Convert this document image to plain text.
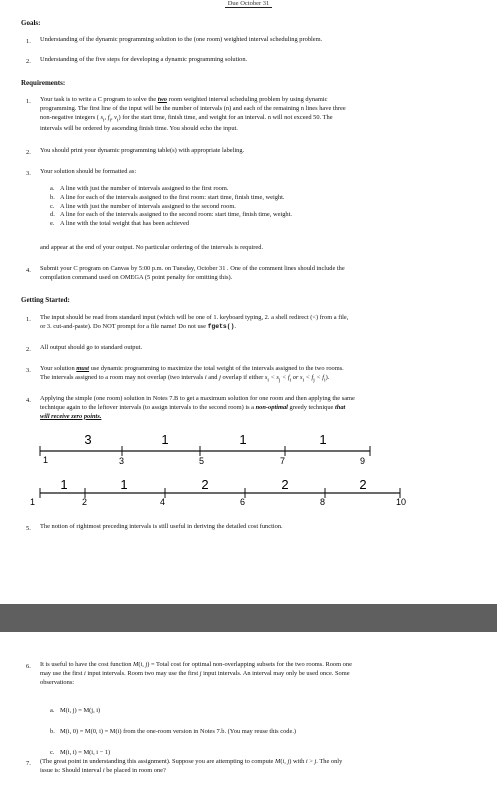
Due October 31
Goals:
1. Understanding of the dynamic programming solution to the (one room) weighted interval scheduling problem.
2. Understanding of the five steps for developing a dynamic programming solution.
Requirements:
1. Your task is to write a C program to solve the two room weighted interval scheduling problem by using dynamic
programming. The first line of the input will be the number of intervals (n) and each of the remaining n lines have three
non-negative integers ( $s_i$, $f_i$, $v_i$) for the start time, finish time, and weight for an interval. n will not exceed 50. The
intervals will be ordered by ascending finish time. You should echo the input.
2. You should print your dynamic programming table(s) with appropriate labeling.
3. Your solution should be formatted as:
a. A line with just the number of intervals assigned to the first room.
b. A line for each of the intervals assigned to the first room: start time, finish time, weight.
c. A line with just the number of intervals assigned to the second room.
d. A line for each of the intervals assigned to the second room: start time, finish time, weight.
e. A line with the total weight that has been achieved
and appear at the end of your output. No particular ordering of the intervals is required.
4. Submit your C program on Canvas by 5:00 p.m. on Tuesday, October 31 . One of the comment lines should include the
compilation command used on OMEGA (5 point penalty for omitting this).
Getting Started:
1. The input should be read from standard input (which will be one of 1. keyboard typing, 2. a shell redirect (<) from a file,
or 3. cut-and-paste). Do NOT prompt for a file name! Do not use fgets().
2. All output should go to standard output.
3. Your solution must use dynamic programming to maximize the total weight of the intervals assigned to the two rooms.
The intervals assigned to a room may not overlap (two intervals i and j overlap if either $s_i < s_j < f_i$ or $s_i < f_j < f_i$).
4. Applying the simple (one room) solution in Notes 7.B to get a maximum solution for one room and then applying the same
technique again to the leftover intervals (to assign intervals to the second room) is a non-optimal greedy technique that
will receive zero points.
3	1	1	1
1	3	5	7	9
1	1	2	2	2
1	2	4	6	8	10
5. The notion of rightmost preceding intervals is still useful in deriving the detailed cost function.
6. It is useful to have the cost function M(i, j) = Total cost for optimal non-overlapping subsets for the two rooms. Room one
may use the first i input intervals. Room two may use the first j input intervals. An interval may only be used once. Some
observations:
a. M(i, j) = M(j, i)
b. M(i, 0) = M(0, i) = M(i) from the one-room version in Notes 7.b. (You may reuse this code.)
c. M(i, i) = M(i, i − 1)
7. (The great point in understanding this assignment). Suppose you are attempting to compute M(i, j) with i > j. The only
issue is: Should interval i be placed in room one?
